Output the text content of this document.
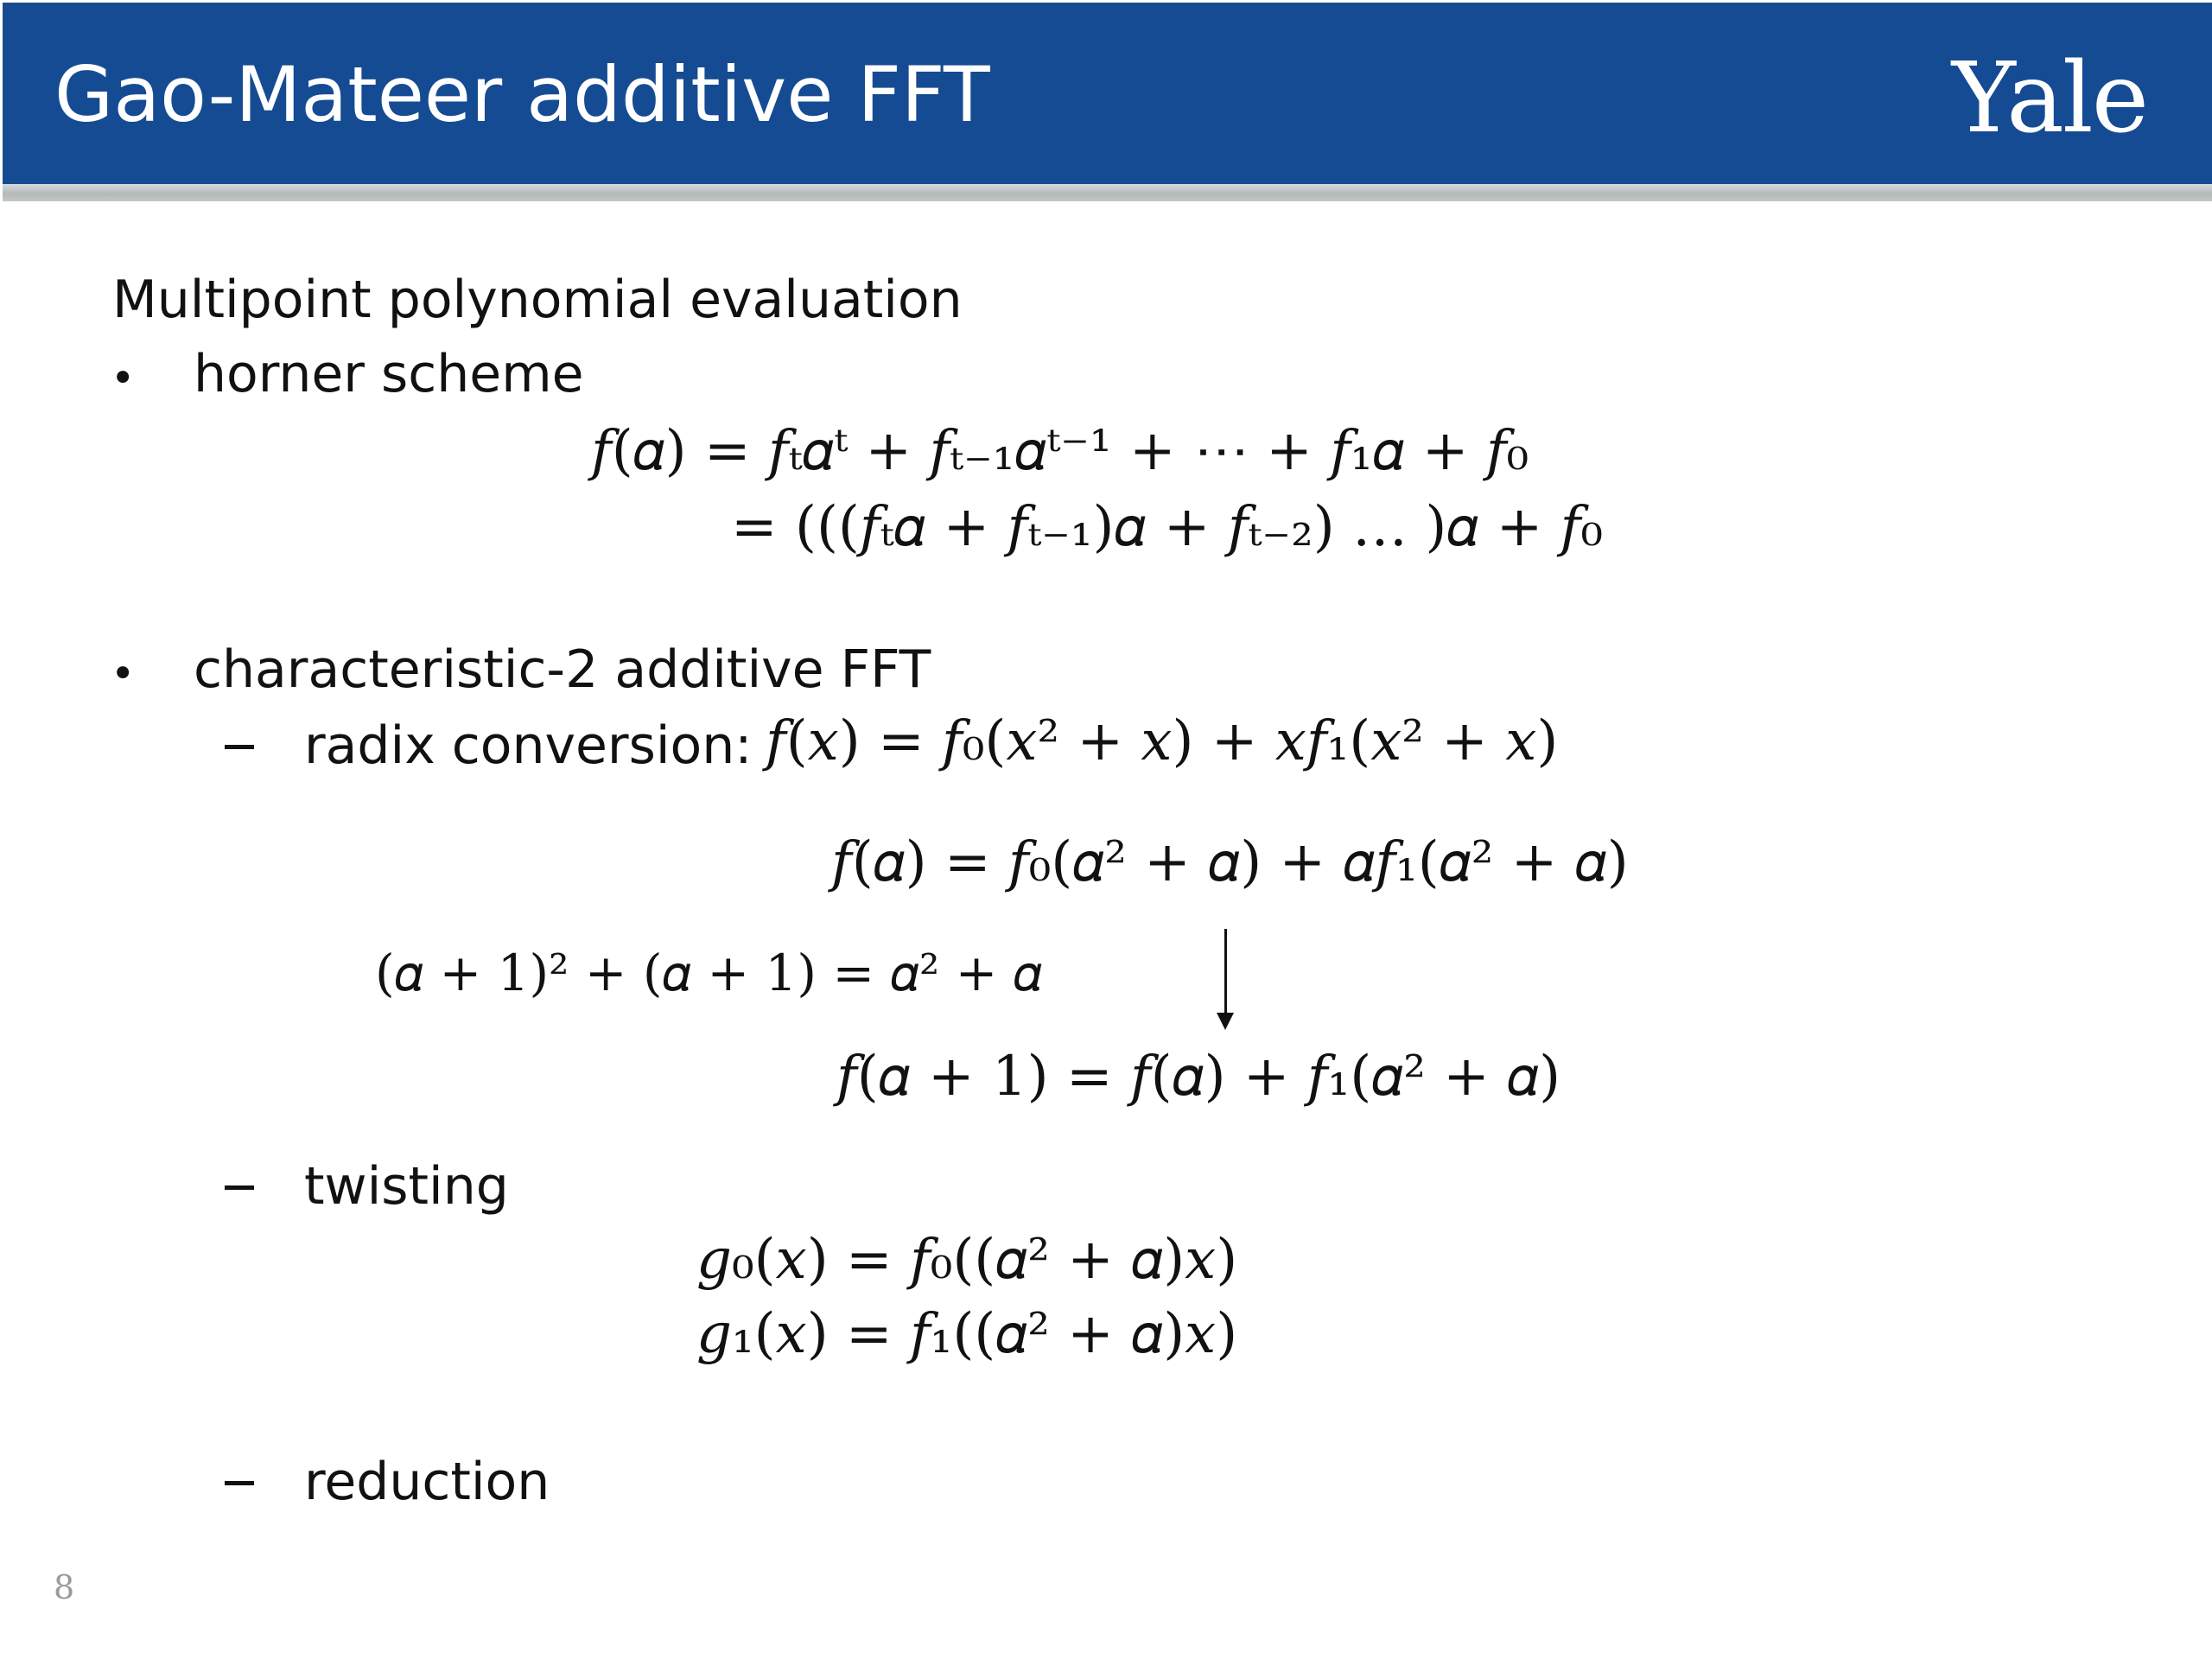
Gao-Mateer additive FFT	Yale
Multipoint polynomial evaluation
• horner scheme
𝑓(𝛼) = 𝑓ₜ𝛼ᵗ + 𝑓ₜ₋₁𝛼ᵗ⁻¹ + ⋯ + 𝑓₁𝛼 + 𝑓₀
= (((𝑓ₜ𝛼 + 𝑓ₜ₋₁)𝛼 + 𝑓ₜ₋₂) … )𝛼 + 𝑓₀
• characteristic-2 additive FFT
radix conversion: 𝑓(𝑥) = 𝑓₀(𝑥² + 𝑥) + 𝑥𝑓₁(𝑥² + 𝑥)
𝑓(𝛼) = 𝑓₀(𝛼² + 𝛼) + 𝛼𝑓₁(𝛼² + 𝛼)
(𝛼 + 1)² + (𝛼 + 1) = 𝛼² + 𝛼
𝑓(𝛼 + 1) = 𝑓(𝛼) + 𝑓₁(𝛼² + 𝛼)
twisting
𝑔₀(𝑥) = 𝑓₀((𝛼² + 𝛼)𝑥)
𝑔₁(𝑥) = 𝑓₁((𝛼² + 𝛼)𝑥)
reduction
8
